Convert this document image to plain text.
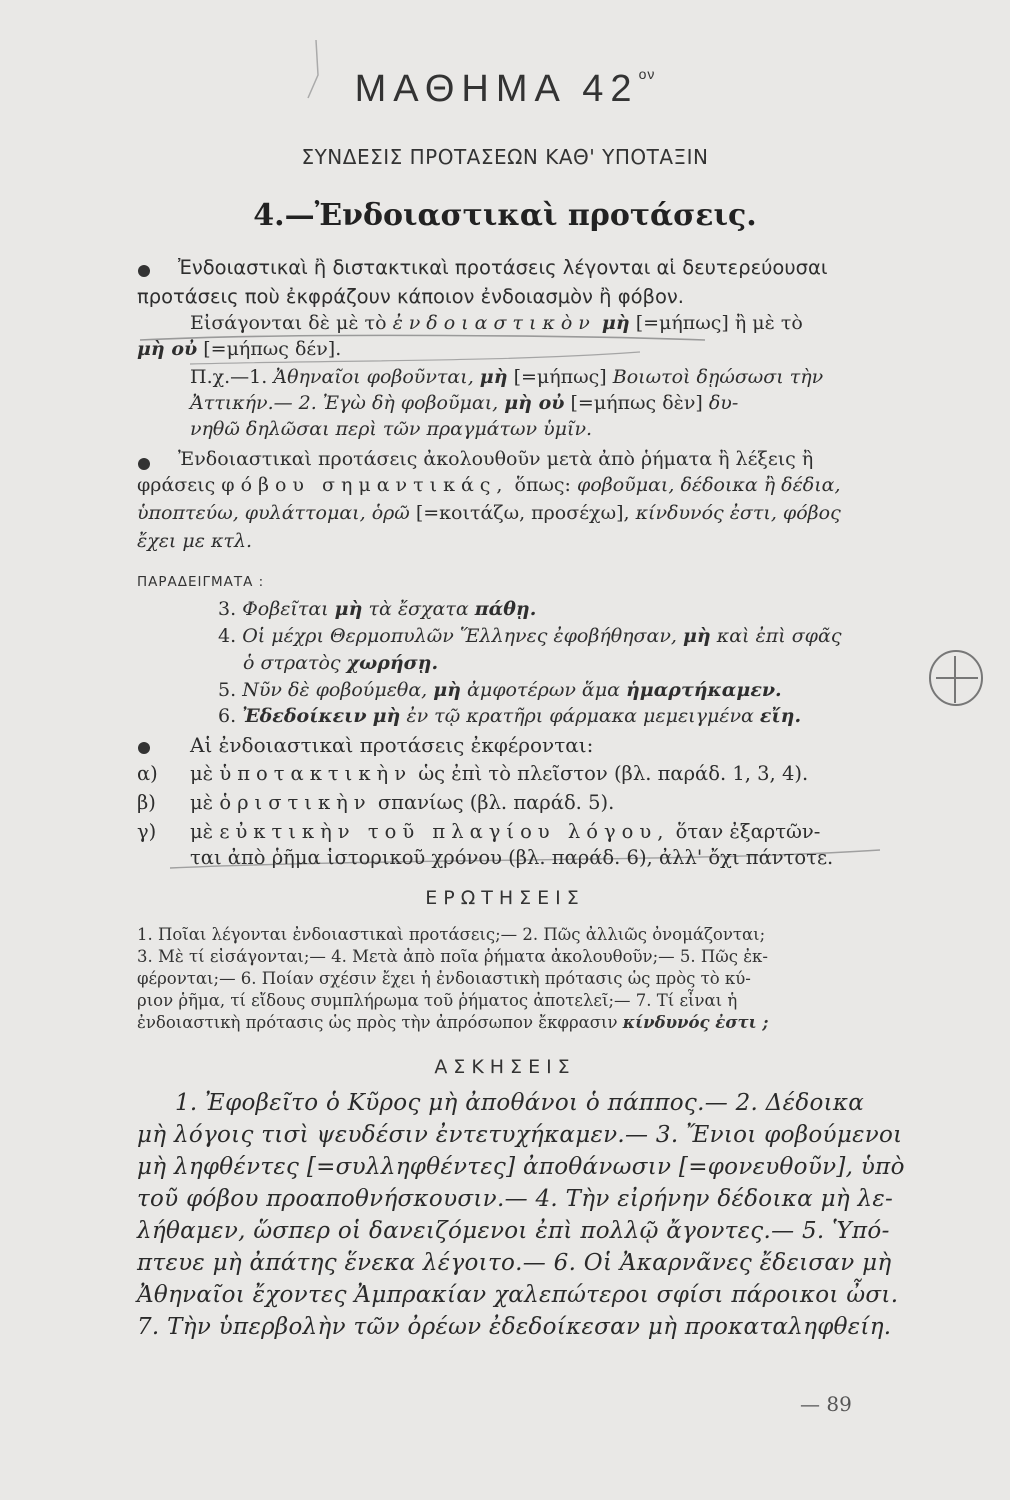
ΜΑΘΗΜΑ $42^{o\nu}$
ΣΥΝΔΕΣΙΣ ΠΡΟΤΑΣΕΩΝ ΚΑΘ' ΥΠΟΤΑΞΙΝ
4.—Ἐνδοιαστικαὶ προτάσεις.
Ἐνδοιαστικαὶ ἢ διστακτικαὶ προτάσεις λέγονται αἱ δευτερεύουσαι
προτάσεις ποὺ ἐκφράζουν κάποιον ἐνδοιασμὸν ἢ φόβον.
Εἰσάγονται δὲ μὲ τὸ ἐνδοιαστικὸν μὴ [=μήπως] ἢ μὲ τὸ
μὴ οὐ [=μήπως δέν].
Π.χ.—1. Ἀθηναῖοι φοβοῦνται, μὴ [=μήπως] Βοιωτοὶ δῃώσωσι τὴν
Ἀττικήν.— 2. Ἐγὼ δὴ φοβοῦμαι, μὴ οὐ [=μήπως δὲν] δυ-
νηθῶ δηλῶσαι περὶ τῶν πραγμάτων ὑμῖν.
Ἐνδοιαστικαὶ προτάσεις ἀκολουθοῦν μετὰ ἀπὸ ῥήματα ἢ λέξεις ἢ
φράσεις φόβου σημαντικάς, ὅπως: φοβοῦμαι, δέδοικα ἢ δέδια,
ὑποπτεύω, φυλάττομαι, ὁρῶ [=κοιτάζω, προσέχω], κίνδυνός ἐστι, φόβος
ἔχει με κτλ.
ΠΑΡΑΔΕΙΓΜΑΤΑ :
3. Φοβεῖται μὴ τὰ ἔσχατα πάθῃ.
4. Οἱ μέχρι Θερμοπυλῶν Ἕλληνες ἐφοβήθησαν, μὴ καὶ ἐπὶ σφᾶς
ὁ στρατὸς χωρήσῃ.
5. Νῦν δὲ φοβούμεθα, μὴ ἀμφοτέρων ἅμα ἡμαρτήκαμεν.
6. Ἐδεδοίκειν μὴ ἐν τῷ κρατῆρι φάρμακα μεμειγμένα εἴη.
Αἱ ἐνδοιαστικαὶ προτάσεις ἐκφέρονται:
α) μὲ ὑποτακτικὴν ὡς ἐπὶ τὸ πλεῖστον (βλ. παράδ. 1, 3, 4).
β) μὲ ὁριστικὴν σπανίως (βλ. παράδ. 5).
γ) μὲ εὐκτικὴν τοῦ πλαγίου λόγου, ὅταν ἐξαρτῶν-
ται ἀπὸ ῥῆμα ἱστορικοῦ χρόνου (βλ. παράδ. 6), ἀλλ' ὄχι πάντοτε.
ΕΡΩΤΗΣΕΙΣ
1. Ποῖαι λέγονται ἐνδοιαστικαὶ προτάσεις;— 2. Πῶς ἀλλιῶς ὀνομάζονται;
3. Μὲ τί εἰσάγονται;— 4. Μετὰ ἀπὸ ποῖα ῥήματα ἀκολουθοῦν;— 5. Πῶς ἐκ-
φέρονται;— 6. Ποίαν σχέσιν ἔχει ἡ ἐνδοιαστικὴ πρότασις ὡς πρὸς τὸ κύ-
ριον ῥῆμα, τί εἴδους συμπλήρωμα τοῦ ῥήματος ἀποτελεῖ;— 7. Τί εἶναι ἡ
ἐνδοιαστικὴ πρότασις ὡς πρὸς τὴν ἀπρόσωπον ἔκφρασιν κίνδυνός ἐστι ;
ΑΣΚΗΣΕΙΣ
1. Ἐφοβεῖτο ὁ Κῦρος μὴ ἀποθάνοι ὁ πάππος.— 2. Δέδοικα
μὴ λόγοις τισὶ ψευδέσιν ἐντετυχήκαμεν.— 3. Ἔνιοι φοβούμενοι
μὴ ληφθέντες [=συλληφθέντες] ἀποθάνωσιν [=φονευθοῦν], ὑπὸ
τοῦ φόβου προαποθνήσκουσιν.— 4. Τὴν εἰρήνην δέδοικα μὴ λε-
λήθαμεν, ὥσπερ οἱ δανειζόμενοι ἐπὶ πολλῷ ἄγοντες.— 5. Ὑπό-
πτευε μὴ ἀπάτης ἕνεκα λέγοιτο.— 6. Οἱ Ἀκαρνᾶνες ἔδεισαν μὴ
Ἀθηναῖοι ἔχοντες Ἀμπρακίαν χαλεπώτεροι σφίσι πάροικοι ὦσι.
7. Τὴν ὑπερβολὴν τῶν ὀρέων ἐδεδοίκεσαν μὴ προκαταληφθείη.
— 89
